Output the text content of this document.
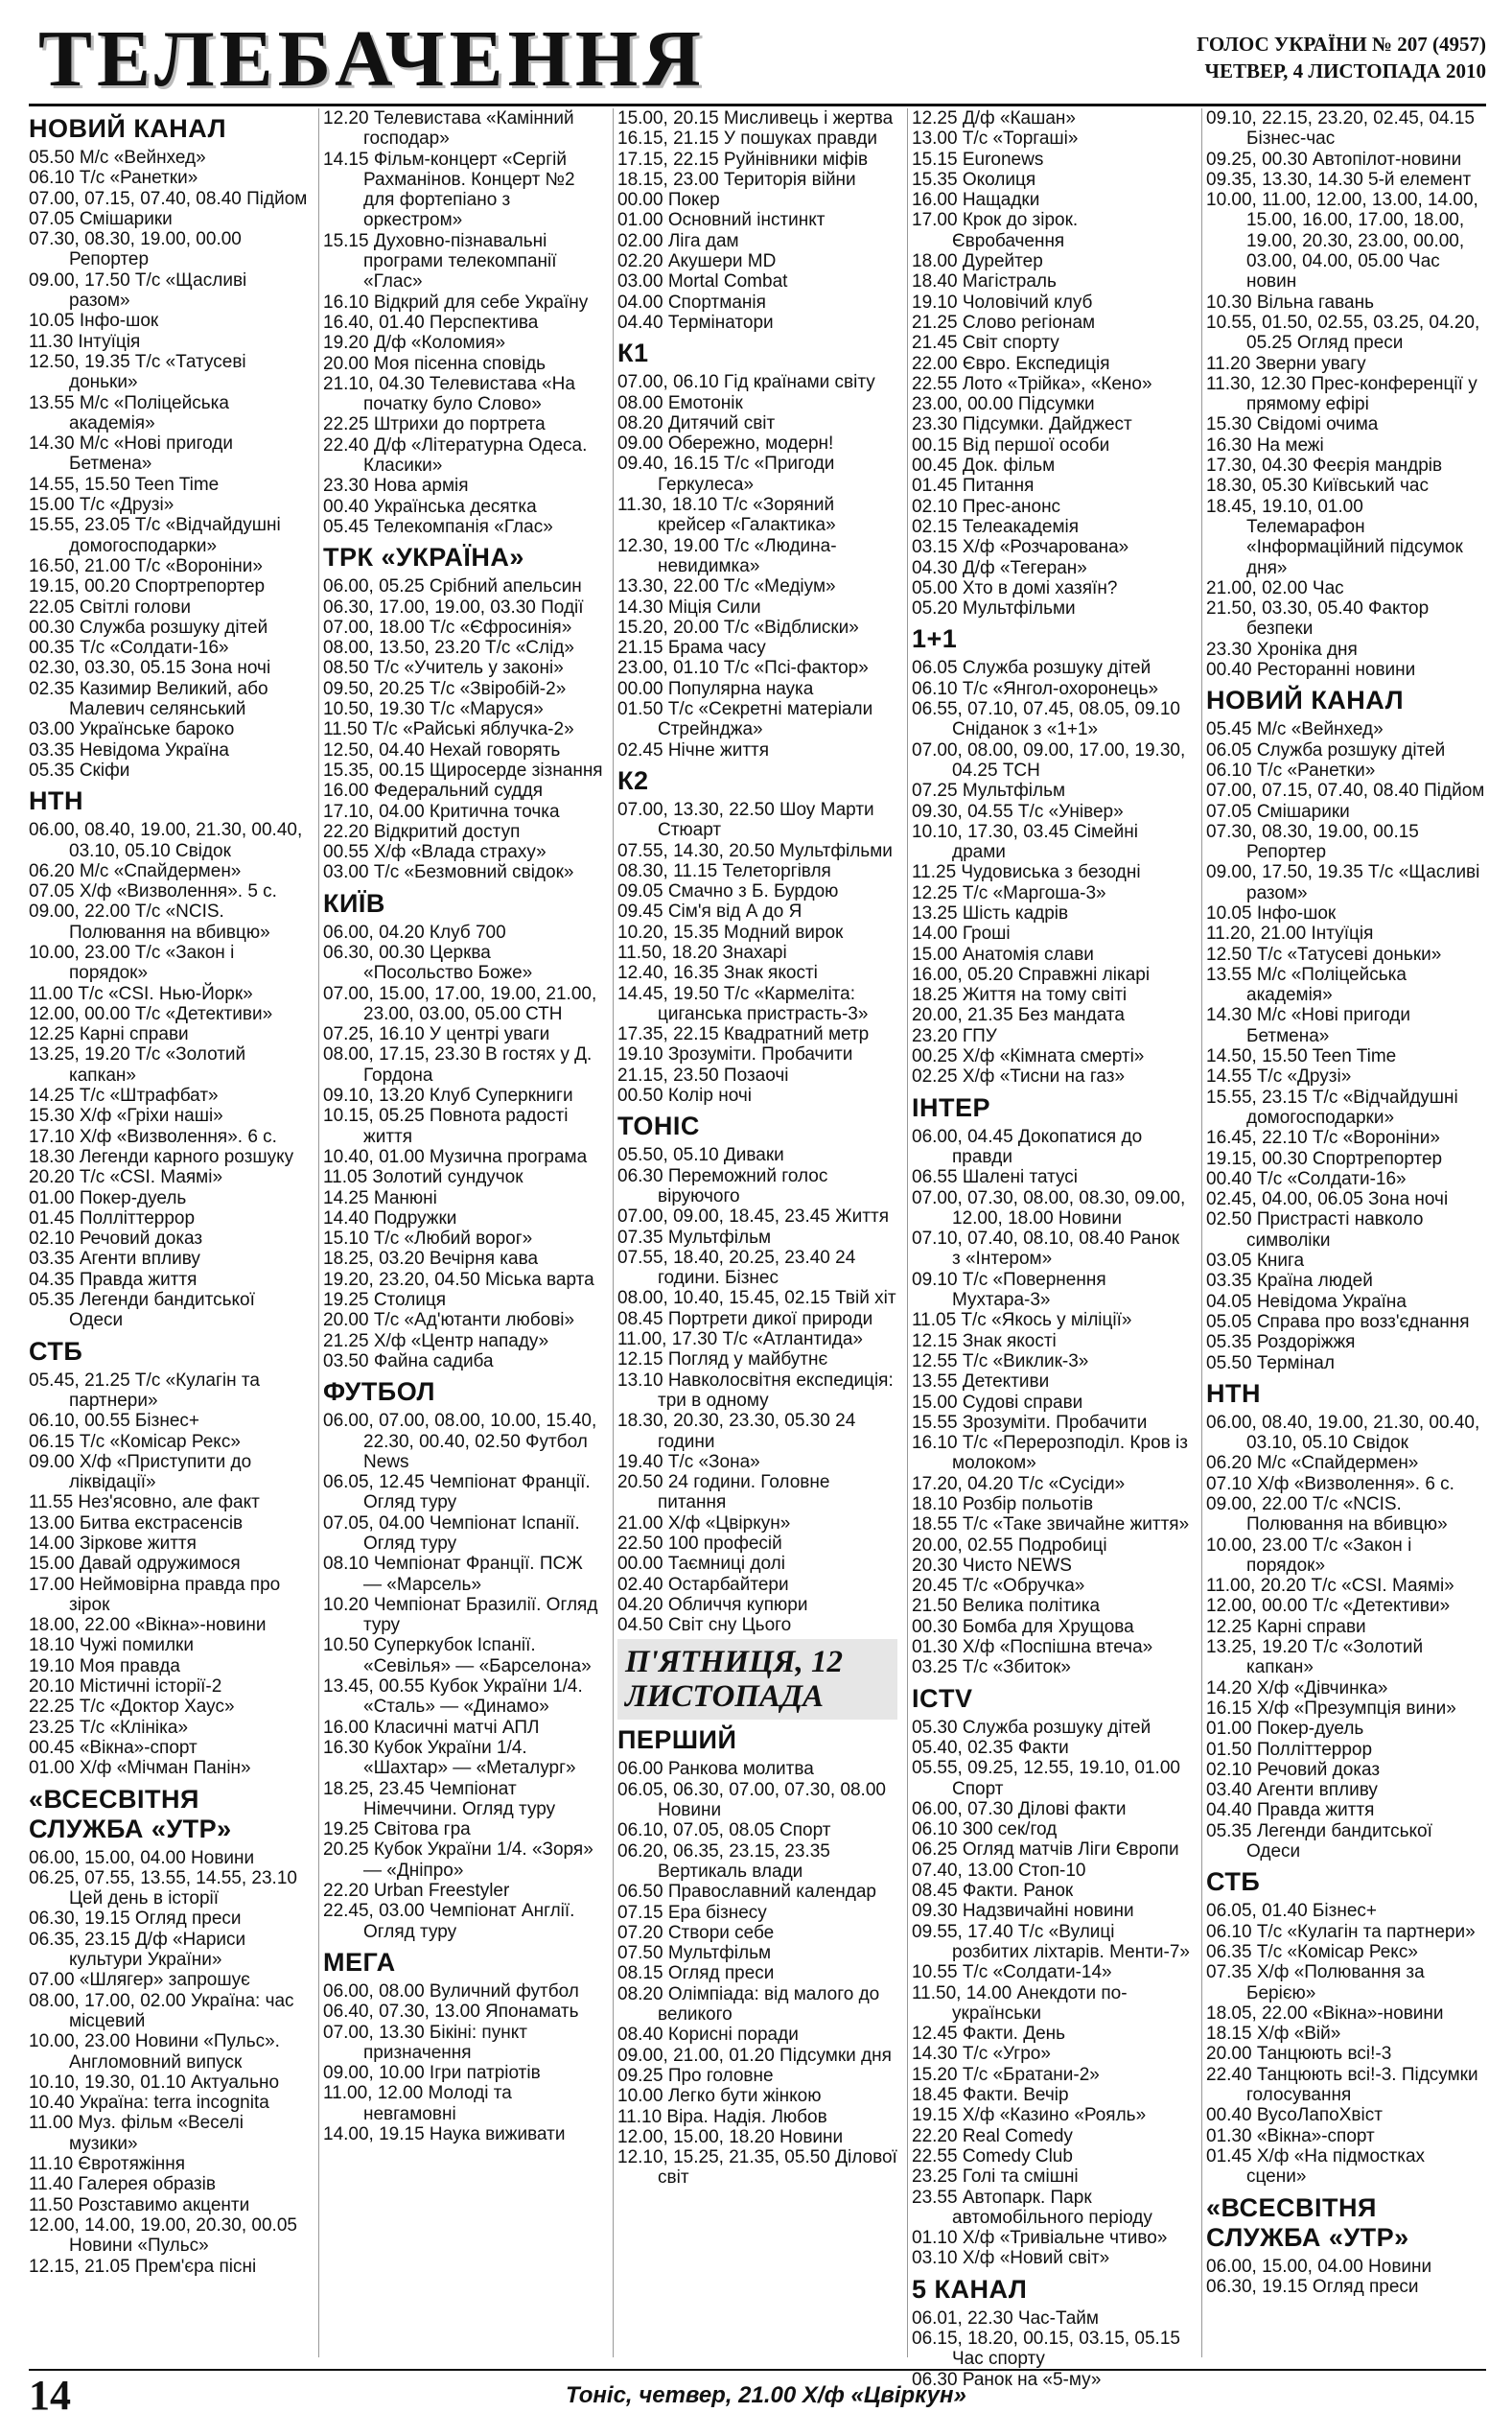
ТЕЛЕБАЧЕННЯ	ГОЛОС УКРАЇНИ № 207 (4957)
ЧЕТВЕР, 4 ЛИСТОПАДА 2010
НОВИЙ КАНАЛ
05.50 М/с «Вейнхед»
06.10 Т/с «Ранетки»
07.00, 07.15, 07.40, 08.40 Підйом
07.05 Смішарики
07.30, 08.30, 19.00, 00.00 Репортер
09.00, 17.50 Т/с «Щасливі разом»
10.05 Інфо-шок
11.30 Інтуїція
12.50, 19.35 Т/с «Татусеві доньки»
13.55 М/с «Поліцейська академія»
14.30 М/с «Нові пригоди Бетмена»
14.55, 15.50 Teen Time
15.00 Т/с «Друзі»
15.55, 23.05 Т/с «Відчайдушні домогосподарки»
16.50, 21.00 Т/с «Вороніни»
19.15, 00.20 Спортрепортер
22.05 Світлі голови
00.30 Служба розшуку дітей
00.35 Т/с «Солдати-16»
02.30, 03.30, 05.15 Зона ночі
02.35 Казимир Великий, або Малевич селянський
03.00 Українське бароко
03.35 Невідома Україна
05.35 Скіфи
НТН
06.00, 08.40, 19.00, 21.30, 00.40, 03.10, 05.10 Свідок
06.20 М/с «Спайдермен»
07.05 Х/ф «Визволення». 5 с.
09.00, 22.00 Т/с «NCIS. Полювання на вбивцю»
10.00, 23.00 Т/с «Закон і порядок»
11.00 Т/с «CSI. Нью-Йорк»
12.00, 00.00 Т/с «Детективи»
12.25 Карні справи
13.25, 19.20 Т/с «Золотий капкан»
14.25 Т/с «Штрафбат»
15.30 Х/ф «Гріхи наші»
17.10 Х/ф «Визволення». 6 с.
18.30 Легенди карного розшуку
20.20 Т/с «CSI. Маямі»
01.00 Покер-дуель
01.45 Полліттеррор
02.10 Речовий доказ
03.35 Агенти впливу
04.35 Правда життя
05.35 Легенди бандитської Одеси
СТБ
05.45, 21.25 Т/с «Кулагін та партнери»
06.10, 00.55 Бізнес+
06.15 Т/с «Комісар Рекс»
09.00 Х/ф «Приступити до ліквідації»
11.55 Нез'ясовно, але факт
13.00 Битва екстрасенсів
14.00 Зіркове життя
15.00 Давай одружимося
17.00 Неймовірна правда про зірок
18.00, 22.00 «Вікна»-новини
18.10 Чужі помилки
19.10 Моя правда
20.10 Містичні історії-2
22.25 Т/с «Доктор Хаус»
23.25 Т/с «Клініка»
00.45 «Вікна»-спорт
01.00 Х/ф «Мічман Панін»
«ВСЕСВІТНЯ СЛУЖБА «УТР»
06.00, 15.00, 04.00 Новини
06.25, 07.55, 13.55, 14.55, 23.10 Цей день в історії
06.30, 19.15 Огляд преси
06.35, 23.15 Д/ф «Нариси культури України»
07.00 «Шлягер» запрошує
08.00, 17.00, 02.00 Україна: час місцевий
10.00, 23.00 Новини «Пульс». Англомовний випуск
10.10, 19.30, 01.10 Актуально
10.40 Україна: terra incognita
11.00 Муз. фільм «Веселі музики»
11.10 Євротяжіння
11.40 Галерея образів
11.50 Розставимо акценти
12.00, 14.00, 19.00, 20.30, 00.05 Новини «Пульс»
12.15, 21.05 Прем'єра пісні
12.20 Телевистава «Камінний господар»
14.15 Фільм-концерт «Сергій Рахманінов. Концерт №2 для фортепіано з оркестром»
15.15 Духовно-пізнавальні програми телекомпанії «Глас»
16.10 Відкрий для себе Україну
16.40, 01.40 Перспектива
19.20 Д/ф «Коломия»
20.00 Моя пісенна сповідь
21.10, 04.30 Телевистава «На початку було Слово»
22.25 Штрихи до портрета
22.40 Д/ф «Літературна Одеса. Класики»
23.30 Нова армія
00.40 Українська десятка
05.45 Телекомпанія «Глас»
ТРК «УКРАЇНА»
06.00, 05.25 Срібний апельсин
06.30, 17.00, 19.00, 03.30 Події
07.00, 18.00 Т/с «Єфросинія»
08.00, 13.50, 23.20 Т/с «Слід»
08.50 Т/с «Учитель у законі»
09.50, 20.25 Т/с «Звіробій-2»
10.50, 19.30 Т/с «Маруся»
11.50 Т/с «Райські яблучка-2»
12.50, 04.40 Нехай говорять
15.35, 00.15 Щиросерде зізнання
16.00 Федеральний суддя
17.10, 04.00 Критична точка
22.20 Відкритий доступ
00.55 Х/ф «Влада страху»
03.00 Т/с «Безмовний свідок»
КИЇВ
06.00, 04.20 Клуб 700
06.30, 00.30 Церква «Посольство Боже»
07.00, 15.00, 17.00, 19.00, 21.00, 23.00, 03.00, 05.00 СТН
07.25, 16.10 У центрі уваги
08.00, 17.15, 23.30 В гостях у Д. Гордона
09.10, 13.20 Клуб Суперкниги
10.15, 05.25 Повнота радості життя
10.40, 01.00 Музична програма
11.05 Золотий сундучок
14.25 Манюні
14.40 Подружки
15.10 Т/с «Любий ворог»
18.25, 03.20 Вечірня кава
19.20, 23.20, 04.50 Міська варта
19.25 Столиця
20.00 Т/с «Ад'ютанти любові»
21.25 Х/ф «Центр нападу»
03.50 Файна садиба
ФУТБОЛ
06.00, 07.00, 08.00, 10.00, 15.40, 22.30, 00.40, 02.50 Футбол News
06.05, 12.45 Чемпіонат Франції. Огляд туру
07.05, 04.00 Чемпіонат Іспанії. Огляд туру
08.10 Чемпіонат Франції. ПСЖ — «Марсель»
10.20 Чемпіонат Бразилії. Огляд туру
10.50 Суперкубок Іспанії. «Севілья» — «Барселона»
13.45, 00.55 Кубок України 1/4. «Сталь» — «Динамо»
16.00 Класичні матчі АПЛ
16.30 Кубок України 1/4. «Шахтар» — «Металург»
18.25, 23.45 Чемпіонат Німеччини. Огляд туру
19.25 Світова гра
20.25 Кубок України 1/4. «Зоря» — «Дніпро»
22.20 Urban Freestyler
22.45, 03.00 Чемпіонат Англії. Огляд туру
МЕГА
06.00, 08.00 Вуличний футбол
06.40, 07.30, 13.00 Японамать
07.00, 13.30 Бікіні: пункт призначення
09.00, 10.00 Ігри патріотів
11.00, 12.00 Молоді та невгамовні
14.00, 19.15 Наука виживати
15.00, 20.15 Мисливець і жертва
16.15, 21.15 У пошуках правди
17.15, 22.15 Руйнівники міфів
18.15, 23.00 Територія війни
00.00 Покер
01.00 Основний інстинкт
02.00 Ліга дам
02.20 Акушери MD
03.00 Mortal Combat
04.00 Спортманія
04.40 Термінатори
К1
07.00, 06.10 Гід країнами світу
08.00 Емотонік
08.20 Дитячий світ
09.00 Обережно, модерн!
09.40, 16.15 Т/с «Пригоди Геркулеса»
11.30, 18.10 Т/с «Зоряний крейсер «Галактика»
12.30, 19.00 Т/с «Людина-невидимка»
13.30, 22.00 Т/с «Медіум»
14.30 Міція Сили
15.20, 20.00 Т/с «Відблиски»
21.15 Брама часу
23.00, 01.10 Т/с «Псі-фактор»
00.00 Популярна наука
01.50 Т/с «Секретні матеріали Стрейнджа»
02.45 Нічне життя
К2
07.00, 13.30, 22.50 Шоу Марти Стюарт
07.55, 14.30, 20.50 Мультфільми
08.30, 11.15 Телеторгівля
09.05 Смачно з Б. Бурдою
09.45 Сім'я від А до Я
10.20, 15.35 Модний вирок
11.50, 18.20 Знахарі
12.40, 16.35 Знак якості
14.45, 19.50 Т/с «Кармеліта: циганська пристрасть-3»
17.35, 22.15 Квадратний метр
19.10 Зрозуміти. Пробачити
21.15, 23.50 Позаочі
00.50 Колір ночі
ТОНІС
05.50, 05.10 Диваки
06.30 Переможний голос віруючого
07.00, 09.00, 18.45, 23.45 Життя
07.35 Мультфільм
07.55, 18.40, 20.25, 23.40 24 години. Бізнес
08.00, 10.40, 15.45, 02.15 Твій хіт
08.45 Портрети дикої природи
11.00, 17.30 Т/с «Атлантида»
12.15 Погляд у майбутнє
13.10 Навколосвітня експедиція: три в одному
18.30, 20.30, 23.30, 05.30 24 години
19.40 Т/с «Зона»
20.50 24 години. Головне питання
21.00 Х/ф «Цвіркун»
22.50 100 професій
00.00 Таємниці долі
02.40 Остарбайтери
04.20 Обличчя купюри
04.50 Світ сну Цього
П'ЯТНИЦЯ, 12 ЛИСТОПАДА
ПЕРШИЙ
06.00 Ранкова молитва
06.05, 06.30, 07.00, 07.30, 08.00 Новини
06.10, 07.05, 08.05 Спорт
06.20, 06.35, 23.15, 23.35 Вертикаль влади
06.50 Православний календар
07.15 Ера бізнесу
07.20 Створи себе
07.50 Мультфільм
08.15 Огляд преси
08.20 Олімпіада: від малого до великого
08.40 Корисні поради
09.00, 21.00, 01.20 Підсумки дня
09.25 Про головне
10.00 Легко бути жінкою
11.10 Віра. Надія. Любов
12.00, 15.00, 18.20 Новини
12.10, 15.25, 21.35, 05.50 Ділової світ
12.25 Д/ф «Кашан»
13.00 Т/с «Торгаші»
15.15 Euronews
15.35 Околиця
16.00 Нащадки
17.00 Крок до зірок. Євробачення
18.00 Дурейтер
18.40 Магістраль
19.10 Чоловічий клуб
21.25 Слово регіонам
21.45 Світ спорту
22.00 Євро. Експедиція
22.55 Лото «Трійка», «Кено»
23.00, 00.00 Підсумки
23.30 Підсумки. Дайджест
00.15 Від першої особи
00.45 Док. фільм
01.45 Питання
02.10 Прес-анонс
02.15 Телеакадемія
03.15 Х/ф «Розчарована»
04.30 Д/ф «Тегеран»
05.00 Хто в домі хазяїн?
05.20 Мультфільми
1+1
06.05 Служба розшуку дітей
06.10 Т/с «Янгол-охоронець»
06.55, 07.10, 07.45, 08.05, 09.10 Сніданок з «1+1»
07.00, 08.00, 09.00, 17.00, 19.30, 04.25 ТСН
07.25 Мультфільм
09.30, 04.55 Т/с «Універ»
10.10, 17.30, 03.45 Сімейні драми
11.25 Чудовиська з безодні
12.25 Т/с «Маргоша-3»
13.25 Шість кадрів
14.00 Гроші
15.00 Анатомія слави
16.00, 05.20 Справжні лікарі
18.25 Життя на тому світі
20.00, 21.35 Без мандата
23.20 ГПУ
00.25 Х/ф «Кімната смерті»
02.25 Х/ф «Тисни на газ»
ІНТЕР
06.00, 04.45 Докопатися до правди
06.55 Шалені татусі
07.00, 07.30, 08.00, 08.30, 09.00, 12.00, 18.00 Новини
07.10, 07.40, 08.10, 08.40 Ранок з «Інтером»
09.10 Т/с «Повернення Мухтара-3»
11.05 Т/с «Якось у міліції»
12.15 Знак якості
12.55 Т/с «Виклик-3»
13.55 Детективи
15.00 Судові справи
15.55 Зрозуміти. Пробачити
16.10 Т/с «Перерозподіл. Кров із молоком»
17.20, 04.20 Т/с «Сусіди»
18.10 Розбір польотів
18.55 Т/с «Таке звичайне життя»
20.00, 02.55 Подробиці
20.30 Чисто NEWS
20.45 Т/с «Обручка»
21.50 Велика політика
00.30 Бомба для Хрущова
01.30 Х/ф «Поспішна втеча»
03.25 Т/с «Збиток»
ICTV
05.30 Служба розшуку дітей
05.40, 02.35 Факти
05.55, 09.25, 12.55, 19.10, 01.00 Спорт
06.00, 07.30 Ділові факти
06.10 300 сек/год
06.25 Огляд матчів Ліги Європи
07.40, 13.00 Стоп-10
08.45 Факти. Ранок
09.30 Надзвичайні новини
09.55, 17.40 Т/с «Вулиці розбитих ліхтарів. Менти-7»
10.55 Т/с «Солдати-14»
11.50, 14.00 Анекдоти по-українськи
12.45 Факти. День
14.30 Т/с «Угро»
15.20 Т/с «Братани-2»
18.45 Факти. Вечір
19.15 Х/ф «Казино «Рояль»
22.20 Real Comedy
22.55 Comedy Club
23.25 Голі та смішні
23.55 Автопарк. Парк автомобільного періоду
01.10 Х/ф «Тривіальне чтиво»
03.10 Х/ф «Новий світ»
5 КАНАЛ
06.01, 22.30 Час-Тайм
06.15, 18.20, 00.15, 03.15, 05.15 Час спорту
06.30 Ранок на «5-му»
09.10, 22.15, 23.20, 02.45, 04.15 Бізнес-час
09.25, 00.30 Автопілот-новини
09.35, 13.30, 14.30 5-й елемент
10.00, 11.00, 12.00, 13.00, 14.00, 15.00, 16.00, 17.00, 18.00, 19.00, 20.30, 23.00, 00.00, 03.00, 04.00, 05.00 Час новин
10.30 Вільна гавань
10.55, 01.50, 02.55, 03.25, 04.20, 05.25 Огляд преси
11.20 Зверни увагу
11.30, 12.30 Прес-конференції у прямому ефірі
15.30 Свідомі очима
16.30 На межі
17.30, 04.30 Феєрія мандрів
18.30, 05.30 Київський час
18.45, 19.10, 01.00 Телемарафон «Інформаційний підсумок дня»
21.00, 02.00 Час
21.50, 03.30, 05.40 Фактор безпеки
23.30 Хроніка дня
00.40 Ресторанні новини
НОВИЙ КАНАЛ
05.45 М/с «Вейнхед»
06.05 Служба розшуку дітей
06.10 Т/с «Ранетки»
07.00, 07.15, 07.40, 08.40 Підйом
07.05 Смішарики
07.30, 08.30, 19.00, 00.15 Репортер
09.00, 17.50, 19.35 Т/с «Щасливі разом»
10.05 Інфо-шок
11.20, 21.00 Інтуїція
12.50 Т/с «Татусеві доньки»
13.55 М/с «Поліцейська академія»
14.30 М/с «Нові пригоди Бетмена»
14.50, 15.50 Teen Time
14.55 Т/с «Друзі»
15.55, 23.15 Т/с «Відчайдушні домогосподарки»
16.45, 22.10 Т/с «Вороніни»
19.15, 00.30 Спортрепортер
00.40 Т/с «Солдати-16»
02.45, 04.00, 06.05 Зона ночі
02.50 Пристрасті навколо символіки
03.05 Книга
03.35 Країна людей
04.05 Невідома Україна
05.05 Справа про возз'єднання
05.35 Роздоріжжя
05.50 Термінал
НТН
06.00, 08.40, 19.00, 21.30, 00.40, 03.10, 05.10 Свідок
06.20 М/с «Спайдермен»
07.10 Х/ф «Визволення». 6 с.
09.00, 22.00 Т/с «NCIS. Полювання на вбивцю»
10.00, 23.00 Т/с «Закон і порядок»
11.00, 20.20 Т/с «CSI. Маямі»
12.00, 00.00 Т/с «Детективи»
12.25 Карні справи
13.25, 19.20 Т/с «Золотий капкан»
14.20 Х/ф «Дівчинка»
16.15 Х/ф «Презумпція вини»
01.00 Покер-дуель
01.50 Полліттеррор
02.10 Речовий доказ
03.40 Агенти впливу
04.40 Правда життя
05.35 Легенди бандитської Одеси
СТБ
06.05, 01.40 Бізнес+
06.10 Т/с «Кулагін та партнери»
06.35 Т/с «Комісар Рекс»
07.35 Х/ф «Полювання за Берією»
18.05, 22.00 «Вікна»-новини
18.15 Х/ф «Вій»
20.00 Танцюють всі!-3
22.40 Танцюють всі!-3. Підсумки голосування
00.40 ВусоЛапоХвіст
01.30 «Вікна»-спорт
01.45 Х/ф «На підмостках сцени»
«ВСЕСВІТНЯ СЛУЖБА «УТР»
06.00, 15.00, 04.00 Новини
06.30, 19.15 Огляд преси
14	Тоніс, четвер, 21.00 Х/ф «Цвіркун»
